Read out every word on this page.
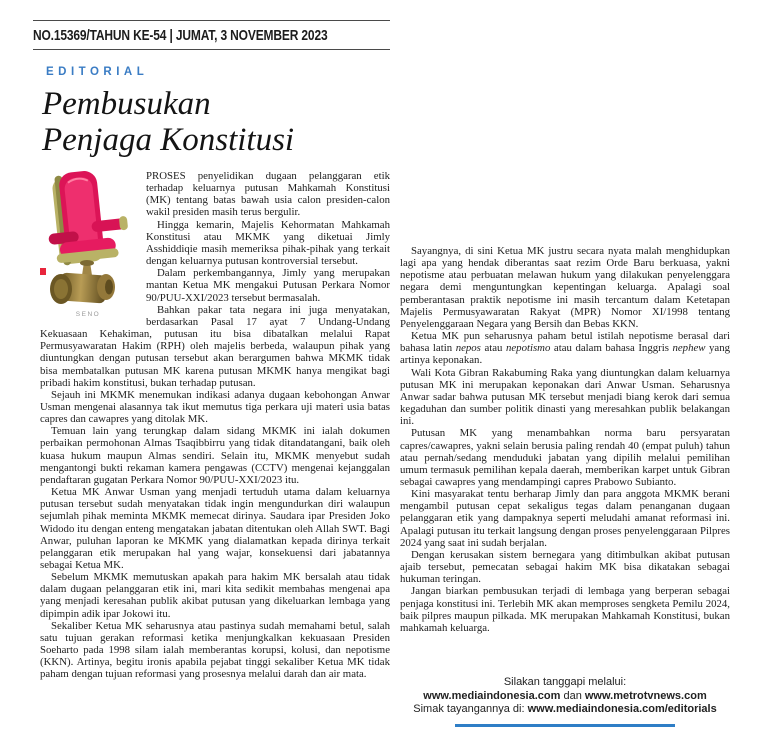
NO.15369/TAHUN KE-54 | JUMAT, 3 NOVEMBER 2023
EDITORIAL
Pembusukan
Penjaga Konstitusi
SENO

PROSES penyelidikan dugaan pelanggaran etik terhadap keluarnya putusan Mahkamah Konstitusi (MK) tentang batas bawah usia calon presiden-calon wakil presiden masih terus bergulir.

Hingga kemarin, Majelis Kehormatan Mahkamah Konstitusi atau MKMK yang diketuai Jimly Asshiddiqie masih memeriksa pihak-pihak yang terkait dengan keluarnya putusan kontroversial tersebut.

Dalam perkembangannya, Jimly yang merupakan mantan Ketua MK mengakui Putusan Perkara Nomor 90/PUU-XXI/2023 tersebut bermasalah.

Bahkan pakar tata negara ini juga menyatakan, berdasarkan Pasal 17 ayat 7 Undang-Undang Kekuasaan Kehakiman, putusan itu bisa dibatalkan melalui Rapat Permusyawaratan Hakim (RPH) oleh majelis berbeda, walaupun pihak yang diuntungkan dengan putusan tersebut akan berargumen bahwa MKMK tidak bisa membatalkan putusan MK karena putusan MKMK hanya mengikat bagi pribadi hakim konstitusi, bukan terhadap putusan.

Sejauh ini MKMK menemukan indikasi adanya dugaan kebohongan Anwar Usman mengenai alasannya tak ikut memutus tiga perkara uji materi usia batas capres dan cawapres yang ditolak MK.

Temuan lain yang terungkap dalam sidang MKMK ini ialah dokumen perbaikan permohonan Almas Tsaqibbirru yang tidak ditandatangani, baik oleh kuasa hukum maupun Almas sendiri. Selain itu, MKMK menyebut sudah mengantongi bukti rekaman kamera pengawas (CCTV) mengenai kejanggalan pendaftaran gugatan Perkara Nomor 90/PUU-XXI/2023 itu.

Ketua MK Anwar Usman yang menjadi tertuduh utama dalam keluarnya putusan tersebut sudah menyatakan tidak ingin mengundurkan diri walaupun sejumlah pihak meminta MKMK memecat dirinya. Saudara ipar Presiden Joko Widodo itu dengan enteng mengatakan jabatan ditentukan oleh Allah SWT. Bagi Anwar, puluhan laporan ke MKMK yang dialamatkan kepada dirinya terkait pelanggaran etik merupakan hal yang wajar, konsekuensi dari jabatannya sebagai Ketua MK.

Sebelum MKMK memutuskan apakah para hakim MK bersalah atau tidak dalam dugaan pelanggaran etik ini, mari kita sedikit membahas mengenai apa yang menjadi keresahan publik akibat putusan yang dikeluarkan lembaga yang dipimpin adik ipar Jokowi itu.

Sekaliber Ketua MK seharusnya atau pastinya sudah memahami betul, salah satu tujuan gerakan reformasi ketika menjungkalkan kekuasaan Presiden Soeharto pada 1998 silam ialah memberantas korupsi, kolusi, dan nepotisme (KKN). Artinya, begitu ironis apabila pejabat tinggi sekaliber Ketua MK tidak paham dengan tujuan reformasi yang prosesnya melalui darah dan air mata.

Sayangnya, di sini Ketua MK justru secara nyata malah menghidupkan lagi apa yang hendak diberantas saat rezim Orde Baru berkuasa, yakni nepotisme atau perbuatan melawan hukum yang dilakukan penyelenggara negara demi menguntungkan kepentingan keluarga. Apalagi soal pemberantasan praktik nepotisme ini masih tercantum dalam Ketetapan Majelis Permusyawaratan Rakyat (MPR) Nomor XI/1998 tentang Penyelenggaraan Negara yang Bersih dan Bebas KKN.

Ketua MK pun seharusnya paham betul istilah nepotisme berasal dari bahasa latin nepos atau nepotismo atau dalam bahasa Inggris nephew yang artinya keponakan.

Wali Kota Gibran Rakabuming Raka yang diuntungkan dalam keluarnya putusan MK ini merupakan keponakan dari Anwar Usman. Seharusnya Anwar sadar bahwa putusan MK tersebut menjadi biang kerok dari semua kegaduhan dan sumber politik dinasti yang meresahkan publik belakangan ini.

Putusan MK yang menambahkan norma baru persyaratan capres/cawapres, yakni selain berusia paling rendah 40 (empat puluh) tahun atau pernah/sedang menduduki jabatan yang dipilih melalui pemilihan umum termasuk pemilihan kepala daerah, memberikan karpet untuk Gibran sebagai cawapres yang mendampingi capres Prabowo Subianto.

Kini masyarakat tentu berharap Jimly dan para anggota MKMK berani mengambil putusan cepat sekaligus tegas dalam penanganan dugaan pelanggaran etik yang dampaknya seperti meludahi amanat reformasi ini. Apalagi putusan itu terkait langsung dengan proses penyelenggaraan Pilpres 2024 yang saat ini sudah berjalan.

Dengan kerusakan sistem bernegara yang ditimbulkan akibat putusan ajaib tersebut, pemecatan sebagai hakim MK bisa dikatakan sebagai hukuman teringan.

Jangan biarkan pembusukan terjadi di lembaga yang berperan sebagai penjaga konstitusi ini. Terlebih MK akan memproses sengketa Pemilu 2024, baik pilpres maupun pilkada. MK merupakan Mahkamah Konstitusi, bukan mahkamah keluarga.

Silakan tanggapi melalui:
www.mediaindonesia.com dan www.metrotvnews.com
Simak tayangannya di: www.mediaindonesia.com/editorials
